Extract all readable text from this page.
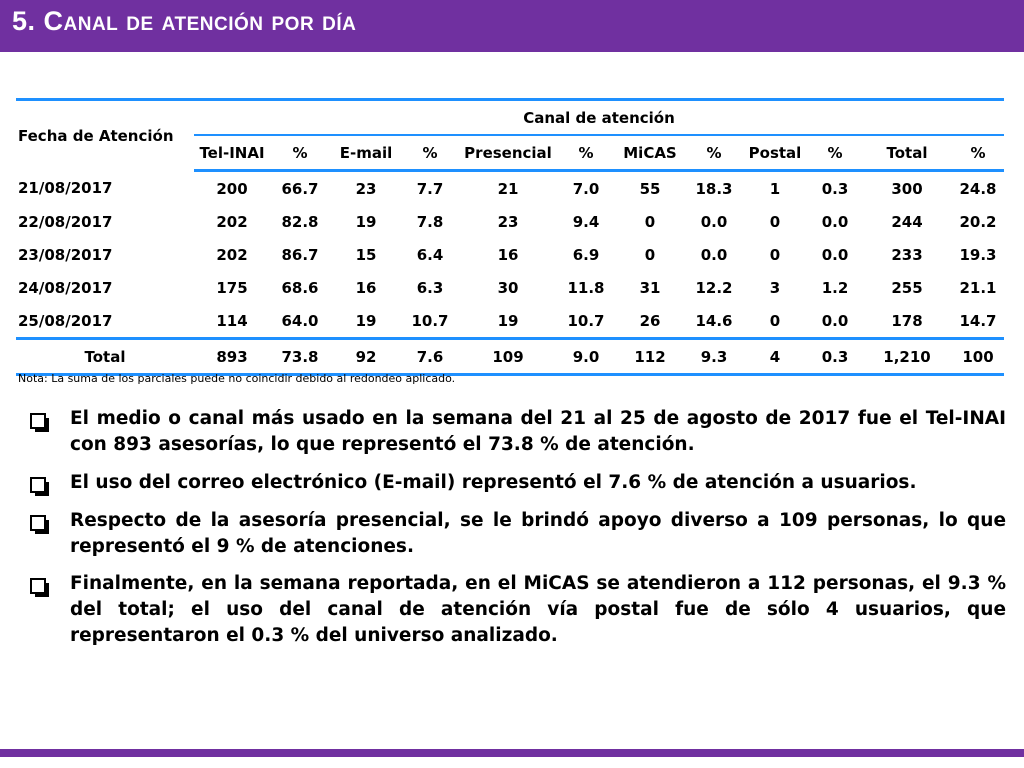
5. Canal de atención por día
Fecha de Atención	Canal de atención											
	Tel-INAI	%	E-mail	%	Presencial	%	MiCAS	%	Postal	%	Total	%
21/08/2017	200	66.7	23	7.7	21	7.0	55	18.3	1	0.3	300	24.8
22/08/2017	202	82.8	19	7.8	23	9.4	0	0.0	0	0.0	244	20.2
23/08/2017	202	86.7	15	6.4	16	6.9	0	0.0	0	0.0	233	19.3
24/08/2017	175	68.6	16	6.3	30	11.8	31	12.2	3	1.2	255	21.1
25/08/2017	114	64.0	19	10.7	19	10.7	26	14.6	0	0.0	178	14.7
Total	893	73.8	92	7.6	109	9.0	112	9.3	4	0.3	1,210	100
Nota: La suma de los parciales puede no coincidir debido al redondeo aplicado.
El medio o canal más usado en la semana del 21 al 25 de agosto de 2017 fue el Tel-INAI con 893 asesorías, lo que representó el 73.8 % de atención.
El uso del correo electrónico (E-mail) representó el 7.6 % de atención a usuarios.
Respecto de la asesoría presencial, se le brindó apoyo diverso a 109 personas, lo que representó el 9 % de atenciones.
Finalmente, en la semana reportada, en el MiCAS se atendieron a 112 personas, el 9.3 % del total; el uso del canal de atención vía postal fue de sólo 4 usuarios, que representaron el 0.3 % del universo analizado.
